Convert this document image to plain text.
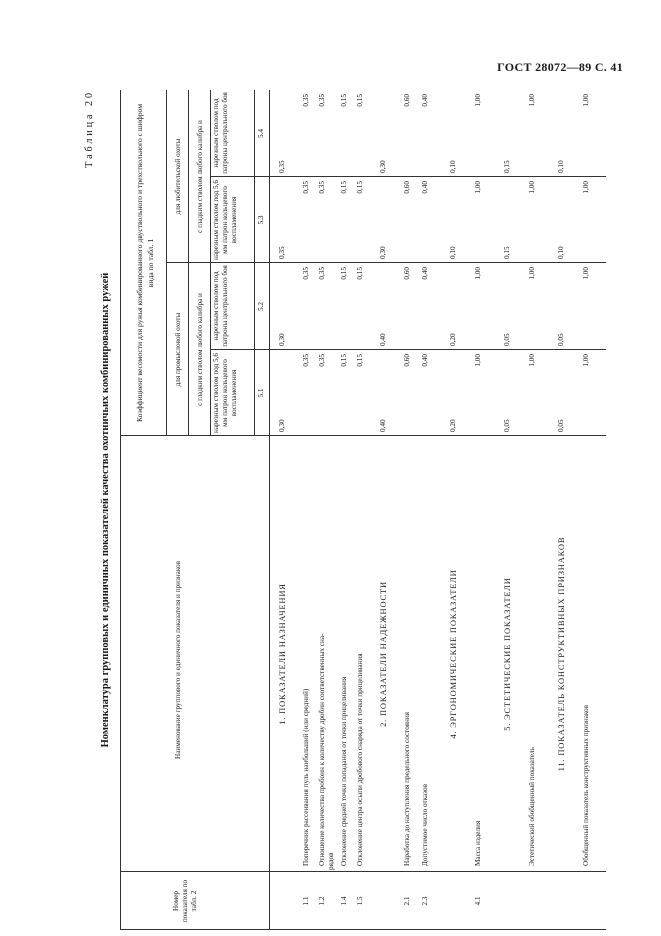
ГОСТ 28072—89 С. 41
Таблица 20
Номенклатура групповых и единичных показателей качества охотничьих комбинированных ружей
Номер показателя по табл. 2
Наименование группового и единичного показателя и признаков
Коэффициент весомости для ружья комбинированного двуствольного и трехствольного с шифром вида по табл. 1
для промысловой охоты
для любительской охоты
с гладким стволом любого калибра и
с гладким стволом любого калибра и
нарезным стволом под 5,6 мм патрон кольцевого воспламенения
нарезным стволом под патроны центрального боя
нарезным стволом под 5,6 мм патрон кольцевого воспламенения
нарезным стволом под патроны центрального боя
5.1
5.2
5.3
5.4
1. ПОКАЗАТЕЛИ НАЗНАЧЕНИЯ
0,30
0,30
0,35
0,35
1.1
Поперечник рассеивания пуль наибольший (или средний)
0,35
0,35
0,35
0,35
1.2
Отношение количества пробоин к количеству дробин соответственных сна- рядов
0,35
0,35
0,35
0,35
1.4
Отклонение средней точки попадания от точки прицеливания
0,15
0,15
0,15
0,15
1.5
Отклонение центра осыпи дробового снаряда от точки прицеливания
0,15
0,15
0,15
0,15
2. ПОКАЗАТЕЛИ НАДЕЖНОСТИ
0,40
0,40
0,30
0,30
2.1
Наработка до наступления предельного состояния
0,60
0,60
0,60
0,60
2.3
Допустимое число отказов
0,40
0,40
0,40
0,40
4. ЭРГОНОМИЧЕСКИЕ ПОКАЗАТЕЛИ
0,20
0,20
0,10
0,10
4.1
Масса изделия
1,00
1,00
1,00
1,00
5. ЭСТЕТИЧЕСКИЕ ПОКАЗАТЕЛИ
0,05
0,05
0,15
0,15
Эстетический обобщенный показатель
1,00
1,00
1,00
1,00
11. ПОКАЗАТЕЛЬ КОНСТРУКТИВНЫХ ПРИЗНАКОВ
0,05
0,05
0,10
0,10
Обобщенный показатель конструктивных признаков
1,00
1,00
1,00
1,00
